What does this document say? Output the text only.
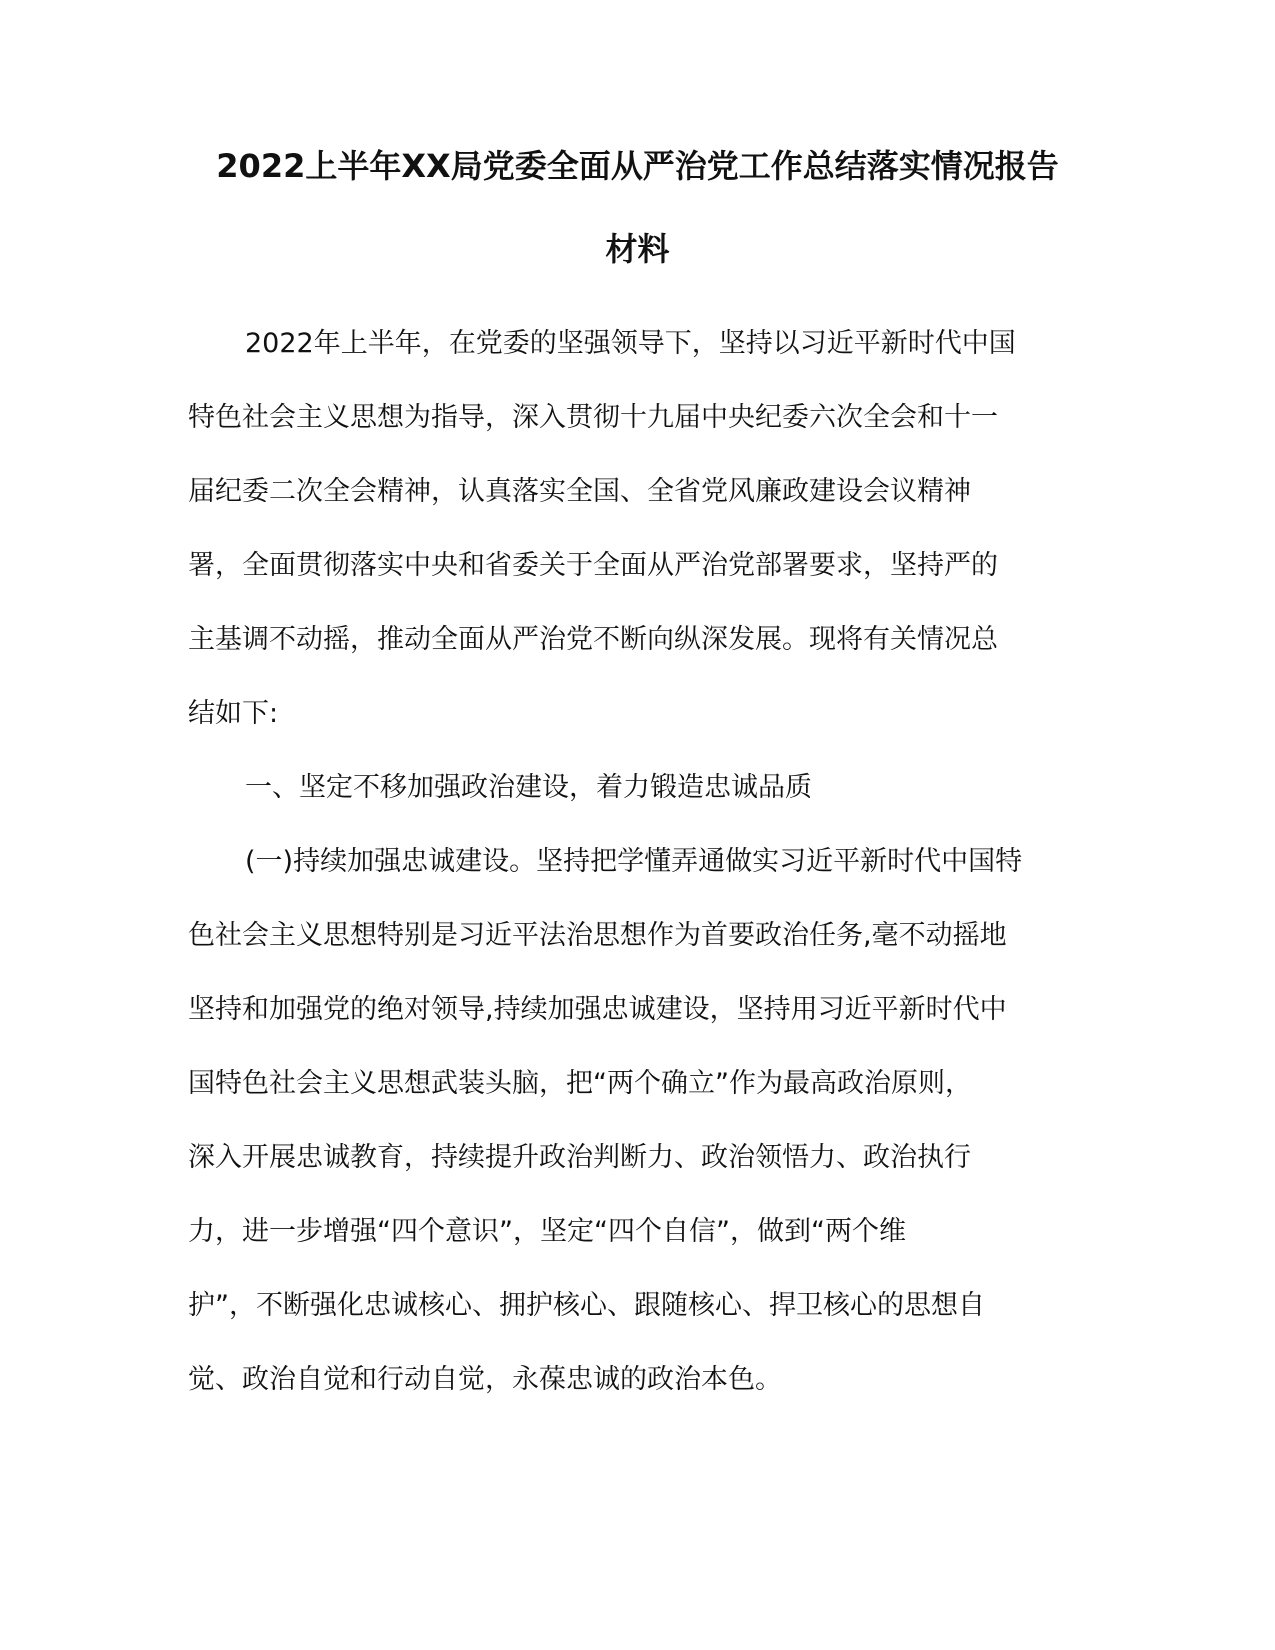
2022上半年XX局党委全面从严治党工作总结落实情况报告
材料
2022年上半年，在党委的坚强领导下，坚持以习近平新时代中国
特色社会主义思想为指导，深入贯彻十九届中央纪委六次全会和十一
届纪委二次全会精神，认真落实全国、全省党风廉政建设会议精神
署，全面贯彻落实中央和省委关于全面从严治党部署要求，坚持严的
主基调不动摇，推动全面从严治党不断向纵深发展。现将有关情况总
结如下:
一、坚定不移加强政治建设，着力锻造忠诚品质
(一)持续加强忠诚建设。坚持把学懂弄通做实习近平新时代中国特
色社会主义思想特别是习近平法治思想作为首要政治任务,毫不动摇地
坚持和加强党的绝对领导,持续加强忠诚建设，坚持用习近平新时代中
国特色社会主义思想武装头脑，把“两个确立”作为最高政治原则，
深入开展忠诚教育，持续提升政治判断力、政治领悟力、政治执行
力，进一步增强“四个意识”，坚定“四个自信”，做到“两个维
护”，不断强化忠诚核心、拥护核心、跟随核心、捍卫核心的思想自
觉、政治自觉和行动自觉，永葆忠诚的政治本色。
